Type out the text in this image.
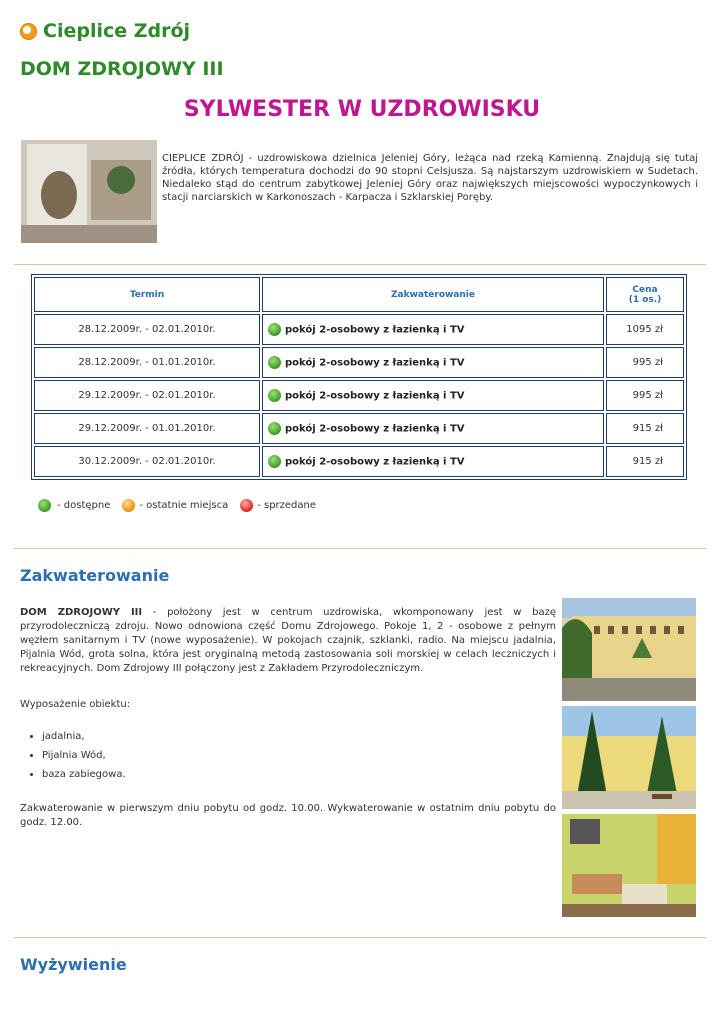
Cieplice Zdrój
DOM ZDROJOWY III
SYLWESTER W UZDROWISKU
CIEPLICE ZDRÓJ - uzdrowiskowa dzielnica Jeleniej Góry, leżąca nad rzeką Kamienną. Znajdują się tutaj źródła, których temperatura dochodzi do 90 stopni Celsjusza. Są najstarszym uzdrowiskiem w Sudetach. Niedaleko stąd do centrum zabytkowej Jeleniej Góry oraz największych miejscowości wypoczynkowych i stacji narciarskich w Karkonoszach - Karpacza i Szklarskiej Poręby.
Termin	Zakwaterowanie	Cena
(1 os.)
28.12.2009r. - 02.01.2010r.	pokój 2-osobowy z łazienką i TV	1095 zł
28.12.2009r. - 01.01.2010r.	pokój 2-osobowy z łazienką i TV	995 zł
29.12.2009r. - 02.01.2010r.	pokój 2-osobowy z łazienką i TV	995 zł
29.12.2009r. - 01.01.2010r.	pokój 2-osobowy z łazienką i TV	915 zł
30.12.2009r. - 02.01.2010r.	pokój 2-osobowy z łazienką i TV	915 zł
- dostępne	- ostatnie miejsca	- sprzedane
Zakwaterowanie
DOM ZDROJOWY III - położony jest w centrum uzdrowiska, wkomponowany jest w bazę przyrodoleczniczą zdroju. Nowo odnowiona część Domu Zdrojowego. Pokoje 1, 2 - osobowe z pełnym węzłem sanitarnym i TV (nowe wyposażenie). W pokojach czajnik, szklanki, radio. Na miejscu jadalnia, Pijalnia Wód, grota solna, która jest oryginalną metodą zastosowania soli morskiej w celach leczniczych i rekreacyjnych. Dom Zdrojowy III połączony jest z Zakładem Przyrodoleczniczym.
Wyposażenie obiektu:
• jadalnia,
• Pijalnia Wód,
• baza zabiegowa.
Zakwaterowanie w pierwszym dniu pobytu od godz. 10.00. Wykwaterowanie w ostatnim dniu pobytu do godz. 12.00.
Wyżywienie
